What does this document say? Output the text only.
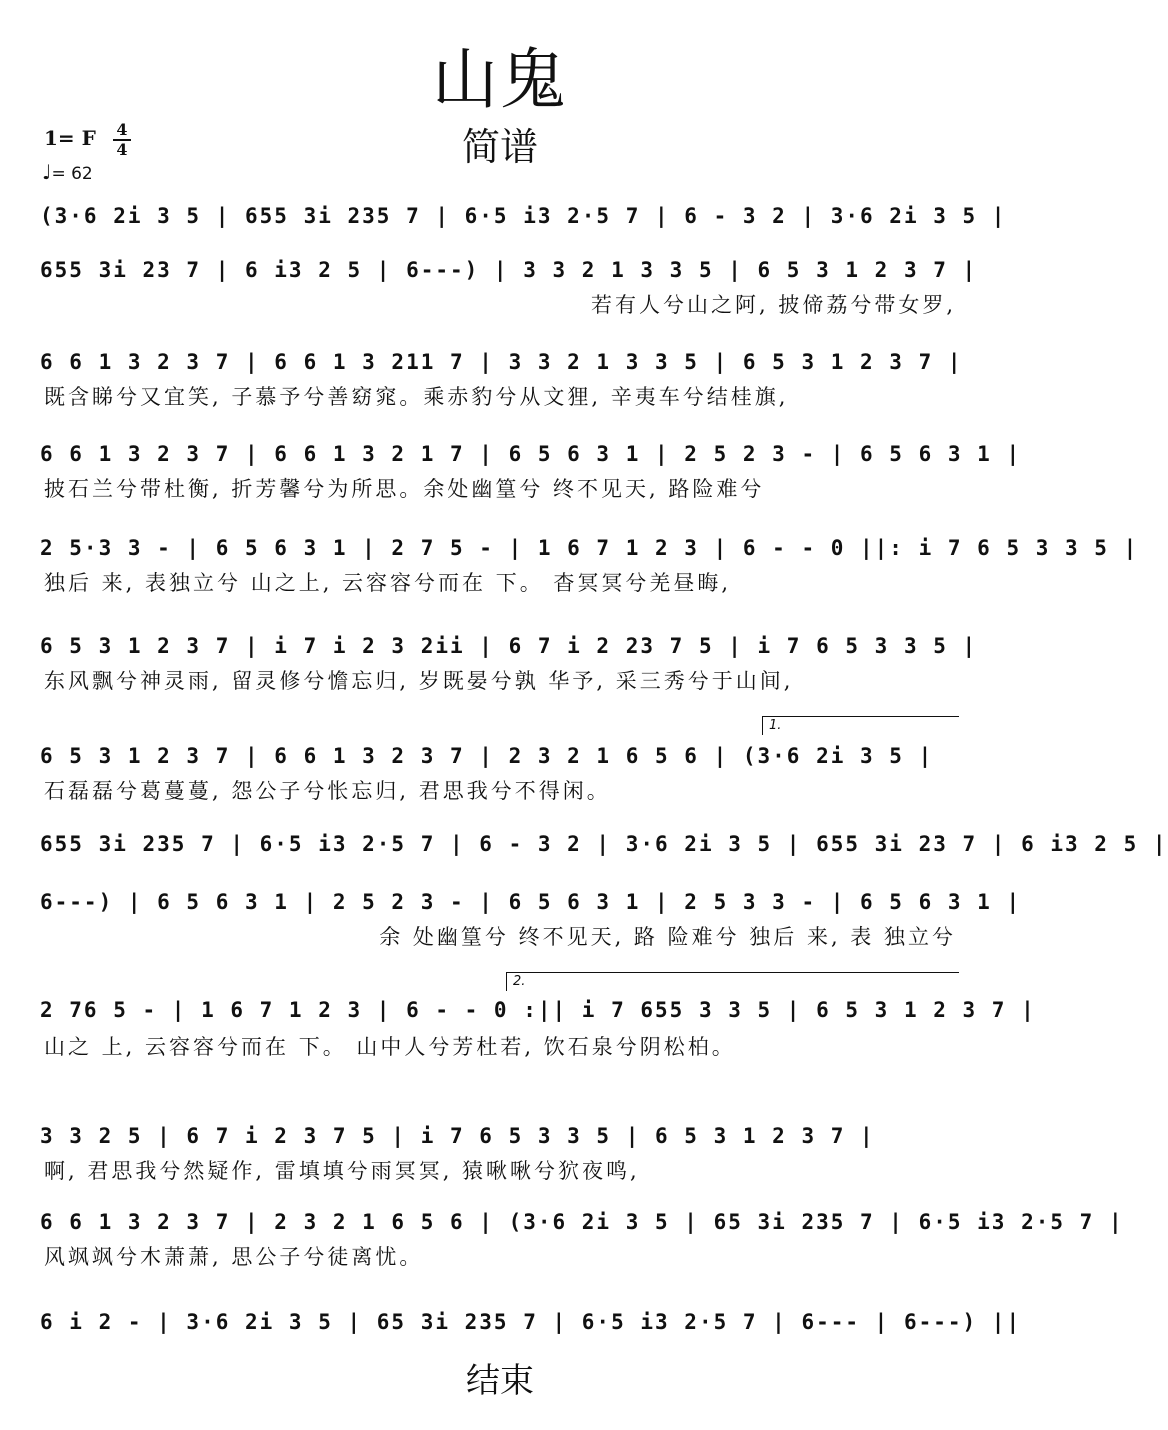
山鬼
简谱
1= F 4
4
♩= 62
(3·6 2i 3 5 | 655 3i 235 7 | 6·5 i3 2·5 7 | 6 - 3 2 | 3·6 2i 3 5 |
655 3i 23 7 | 6 i3 2 5 | 6---) | 3 3 2 1 3 3 5 | 6 5 3 1 2 3 7 |
若有人兮山之阿, 披偙荔兮带女罗,
6 6 1 3 2 3 7 | 6 6 1 3 211 7 | 3 3 2 1 3 3 5 | 6 5 3 1 2 3 7 |
既含睇兮又宜笑, 子慕予兮善窈窕。乘赤豹兮从文狸, 辛夷车兮结桂旗,
6 6 1 3 2 3 7 | 6 6 1 3 2 1 7 | 6 5 6 3 1 | 2 5 2 3 - | 6 5 6 3 1 |
披石兰兮带杜衡, 折芳馨兮为所思。余处幽篁兮 终不见天, 路险难兮
2 5·3 3 - | 6 5 6 3 1 | 2 7 5 - | 1 6 7 1 2 3 | 6 - - 0 ||: i 7 6 5 3 3 5 |
独后 来, 表独立兮 山之上, 云容容兮而在 下。 杳冥冥兮羌昼晦,
6 5 3 1 2 3 7 | i 7 i 2 3 2ii | 6 7 i 2 23 7 5 | i 7 6 5 3 3 5 |
东风飘兮神灵雨, 留灵修兮憺忘归, 岁既晏兮孰 华予, 采三秀兮于山间,
1.
6 5 3 1 2 3 7 | 6 6 1 3 2 3 7 | 2 3 2 1 6 5 6 | (3·6 2i 3 5 |
石磊磊兮葛蔓蔓, 怨公子兮怅忘归, 君思我兮不得闲。
655 3i 235 7 | 6·5 i3 2·5 7 | 6 - 3 2 | 3·6 2i 3 5 | 655 3i 23 7 | 6 i3 2 5 |
6---) | 6 5 6 3 1 | 2 5 2 3 - | 6 5 6 3 1 | 2 5 3 3 - | 6 5 6 3 1 |
余 处幽篁兮 终不见天, 路 险难兮 独后 来, 表 独立兮
2.
2 76 5 - | 1 6 7 1 2 3 | 6 - - 0 :|| i 7 655 3 3 5 | 6 5 3 1 2 3 7 |
山之 上, 云容容兮而在 下。 山中人兮芳杜若, 饮石泉兮阴松柏。
3 3 2 5 | 6 7 i 2 3 7 5 | i 7 6 5 3 3 5 | 6 5 3 1 2 3 7 |
啊, 君思我兮然疑作, 雷填填兮雨冥冥, 猿啾啾兮狖夜鸣,
6 6 1 3 2 3 7 | 2 3 2 1 6 5 6 | (3·6 2i 3 5 | 65 3i 235 7 | 6·5 i3 2·5 7 |
风飒飒兮木萧萧, 思公子兮徒离忧。
6 i 2 - | 3·6 2i 3 5 | 65 3i 235 7 | 6·5 i3 2·5 7 | 6--- | 6---) ||
结束
